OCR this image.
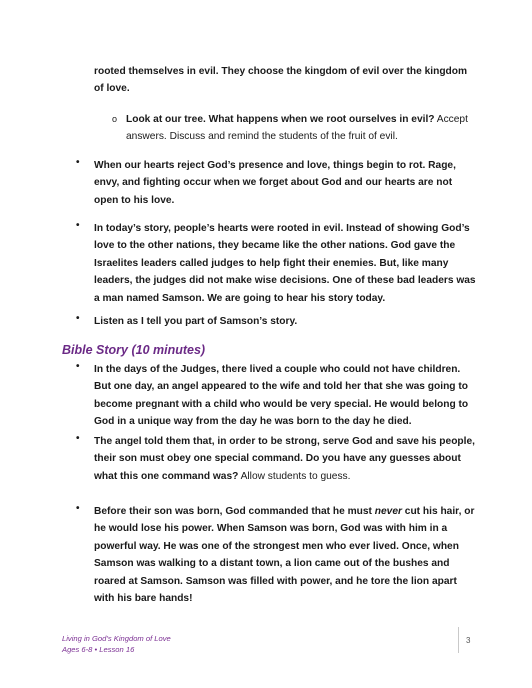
rooted themselves in evil. They choose the kingdom of evil over the kingdom of love.

o Look at our tree. What happens when we root ourselves in evil? Accept answers. Discuss and remind the students of the fruit of evil.

• When our hearts reject God’s presence and love, things begin to rot. Rage, envy, and fighting occur when we forget about God and our hearts are not open to his love.

• In today’s story, people’s hearts were rooted in evil. Instead of showing God’s love to the other nations, they became like the other nations. God gave the Israelites leaders called judges to help fight their enemies. But, like many leaders, the judges did not make wise decisions. One of these bad leaders was a man named Samson. We are going to hear his story today.

• Listen as I tell you part of Samson’s story.

Bible Story (10 minutes)
• In the days of the Judges, there lived a couple who could not have children. But one day, an angel appeared to the wife and told her that she was going to become pregnant with a child who would be very special. He would belong to God in a unique way from the day he was born to the day he died.

• The angel told them that, in order to be strong, serve God and save his people, their son must obey one special command. Do you have any guesses about what this one command was? Allow students to guess.

• Before their son was born, God commanded that he must never cut his hair, or he would lose his power. When Samson was born, God was with him in a powerful way. He was one of the strongest men who ever lived. Once, when Samson was walking to a distant town, a lion came out of the bushes and roared at Samson. Samson was filled with power, and he tore the lion apart with his bare hands!

Living in God’s Kingdom of Love
Ages 6-8 • Lesson 16
3
